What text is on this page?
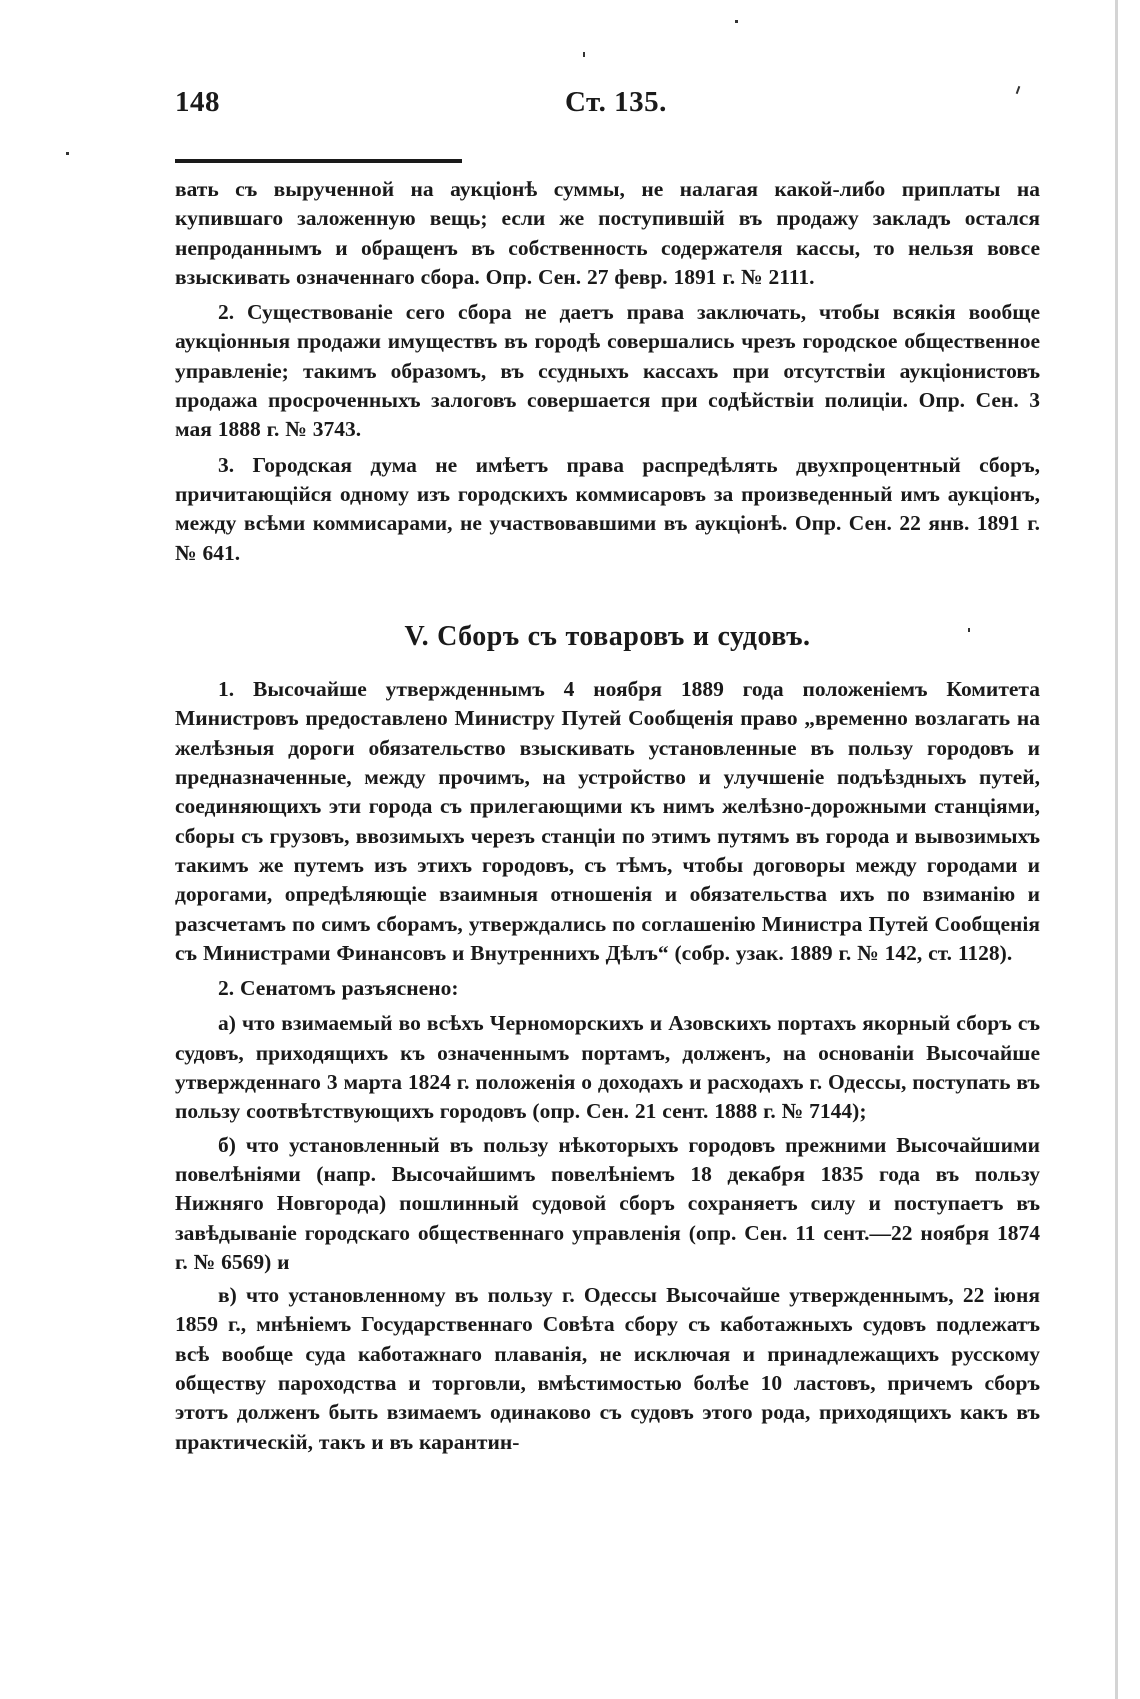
148	Ст. 135.

вать съ вырученной на аукціонѣ суммы, не налагая какой-либо приплаты на купившаго заложенную вещь; если же поступившій въ продажу закладъ остался непроданнымъ и обращенъ въ собственность содержателя кассы, то нельзя вовсе взыскивать означеннаго сбора. Опр. Сен. 27 февр. 1891 г. № 2111.

2. Существованіе сего сбора не даетъ права заключать, чтобы всякія вообще аукціонныя продажи имуществъ въ городѣ совершались чрезъ городское общественное управленіе; такимъ образомъ, въ ссудныхъ кассахъ при отсутствіи аукціонистовъ продажа просроченныхъ залоговъ совершается при содѣйствіи полиціи. Опр. Сен. 3 мая 1888 г. № 3743.

3. Городская дума не имѣетъ права распредѣлять двухпроцентный сборъ, причитающійся одному изъ городскихъ коммисаровъ за произведенный имъ аукціонъ, между всѣми коммисарами, не участвовавшими въ аукціонѣ. Опр. Сен. 22 янв. 1891 г. № 641.

V. Сборъ съ товаровъ и судовъ.

1. Высочайше утвержденнымъ 4 ноября 1889 года положеніемъ Комитета Министровъ предоставлено Министру Путей Сообщенія право „временно возлагать на желѣзныя дороги обязательство взыскивать установленные въ пользу городовъ и предназначенные, между прочимъ, на устройство и улучшеніе подъѣздныхъ путей, соединяющихъ эти города съ прилегающими къ нимъ желѣзно-дорожными станціями, сборы съ грузовъ, ввозимыхъ черезъ станціи по этимъ путямъ въ города и вывозимыхъ такимъ же путемъ изъ этихъ городовъ, съ тѣмъ, чтобы договоры между городами и дорогами, опредѣляющіе взаимныя отношенія и обязательства ихъ по взиманію и разсчетамъ по симъ сборамъ, утверждались по соглашенію Министра Путей Сообщенія съ Министрами Финансовъ и Внутреннихъ Дѣлъ“ (собр. узак. 1889 г. № 142, ст. 1128).

2. Сенатомъ разъяснено:

а) что взимаемый во всѣхъ Черноморскихъ и Азовскихъ портахъ якорный сборъ съ судовъ, приходящихъ къ означеннымъ портамъ, долженъ, на основаніи Высочайше утвержденнаго 3 марта 1824 г. положенія о доходахъ и расходахъ г. Одессы, поступать въ пользу соотвѣтствующихъ городовъ (опр. Сен. 21 сент. 1888 г. № 7144);

б) что установленный въ пользу нѣкоторыхъ городовъ прежними Высочайшими повелѣніями (напр. Высочайшимъ повелѣніемъ 18 декабря 1835 года въ пользу Нижняго Новгорода) пошлинный судовой сборъ сохраняетъ силу и поступаетъ въ завѣдываніе городскаго общественнаго управленія (опр. Сен. 11 сент.—22 ноября 1874 г. № 6569) и

в) что установленному въ пользу г. Одессы Высочайше утвержденнымъ, 22 іюня 1859 г., мнѣніемъ Государственнаго Совѣта сбору съ каботажныхъ судовъ подлежатъ всѣ вообще суда каботажнаго плаванія, не исключая и принадлежащихъ русскому обществу пароходства и торговли, вмѣстимостью болѣе 10 ластовъ, причемъ сборъ этотъ долженъ быть взимаемъ одинаково съ судовъ этого рода, приходящихъ какъ въ практическій, такъ и въ карантин-
